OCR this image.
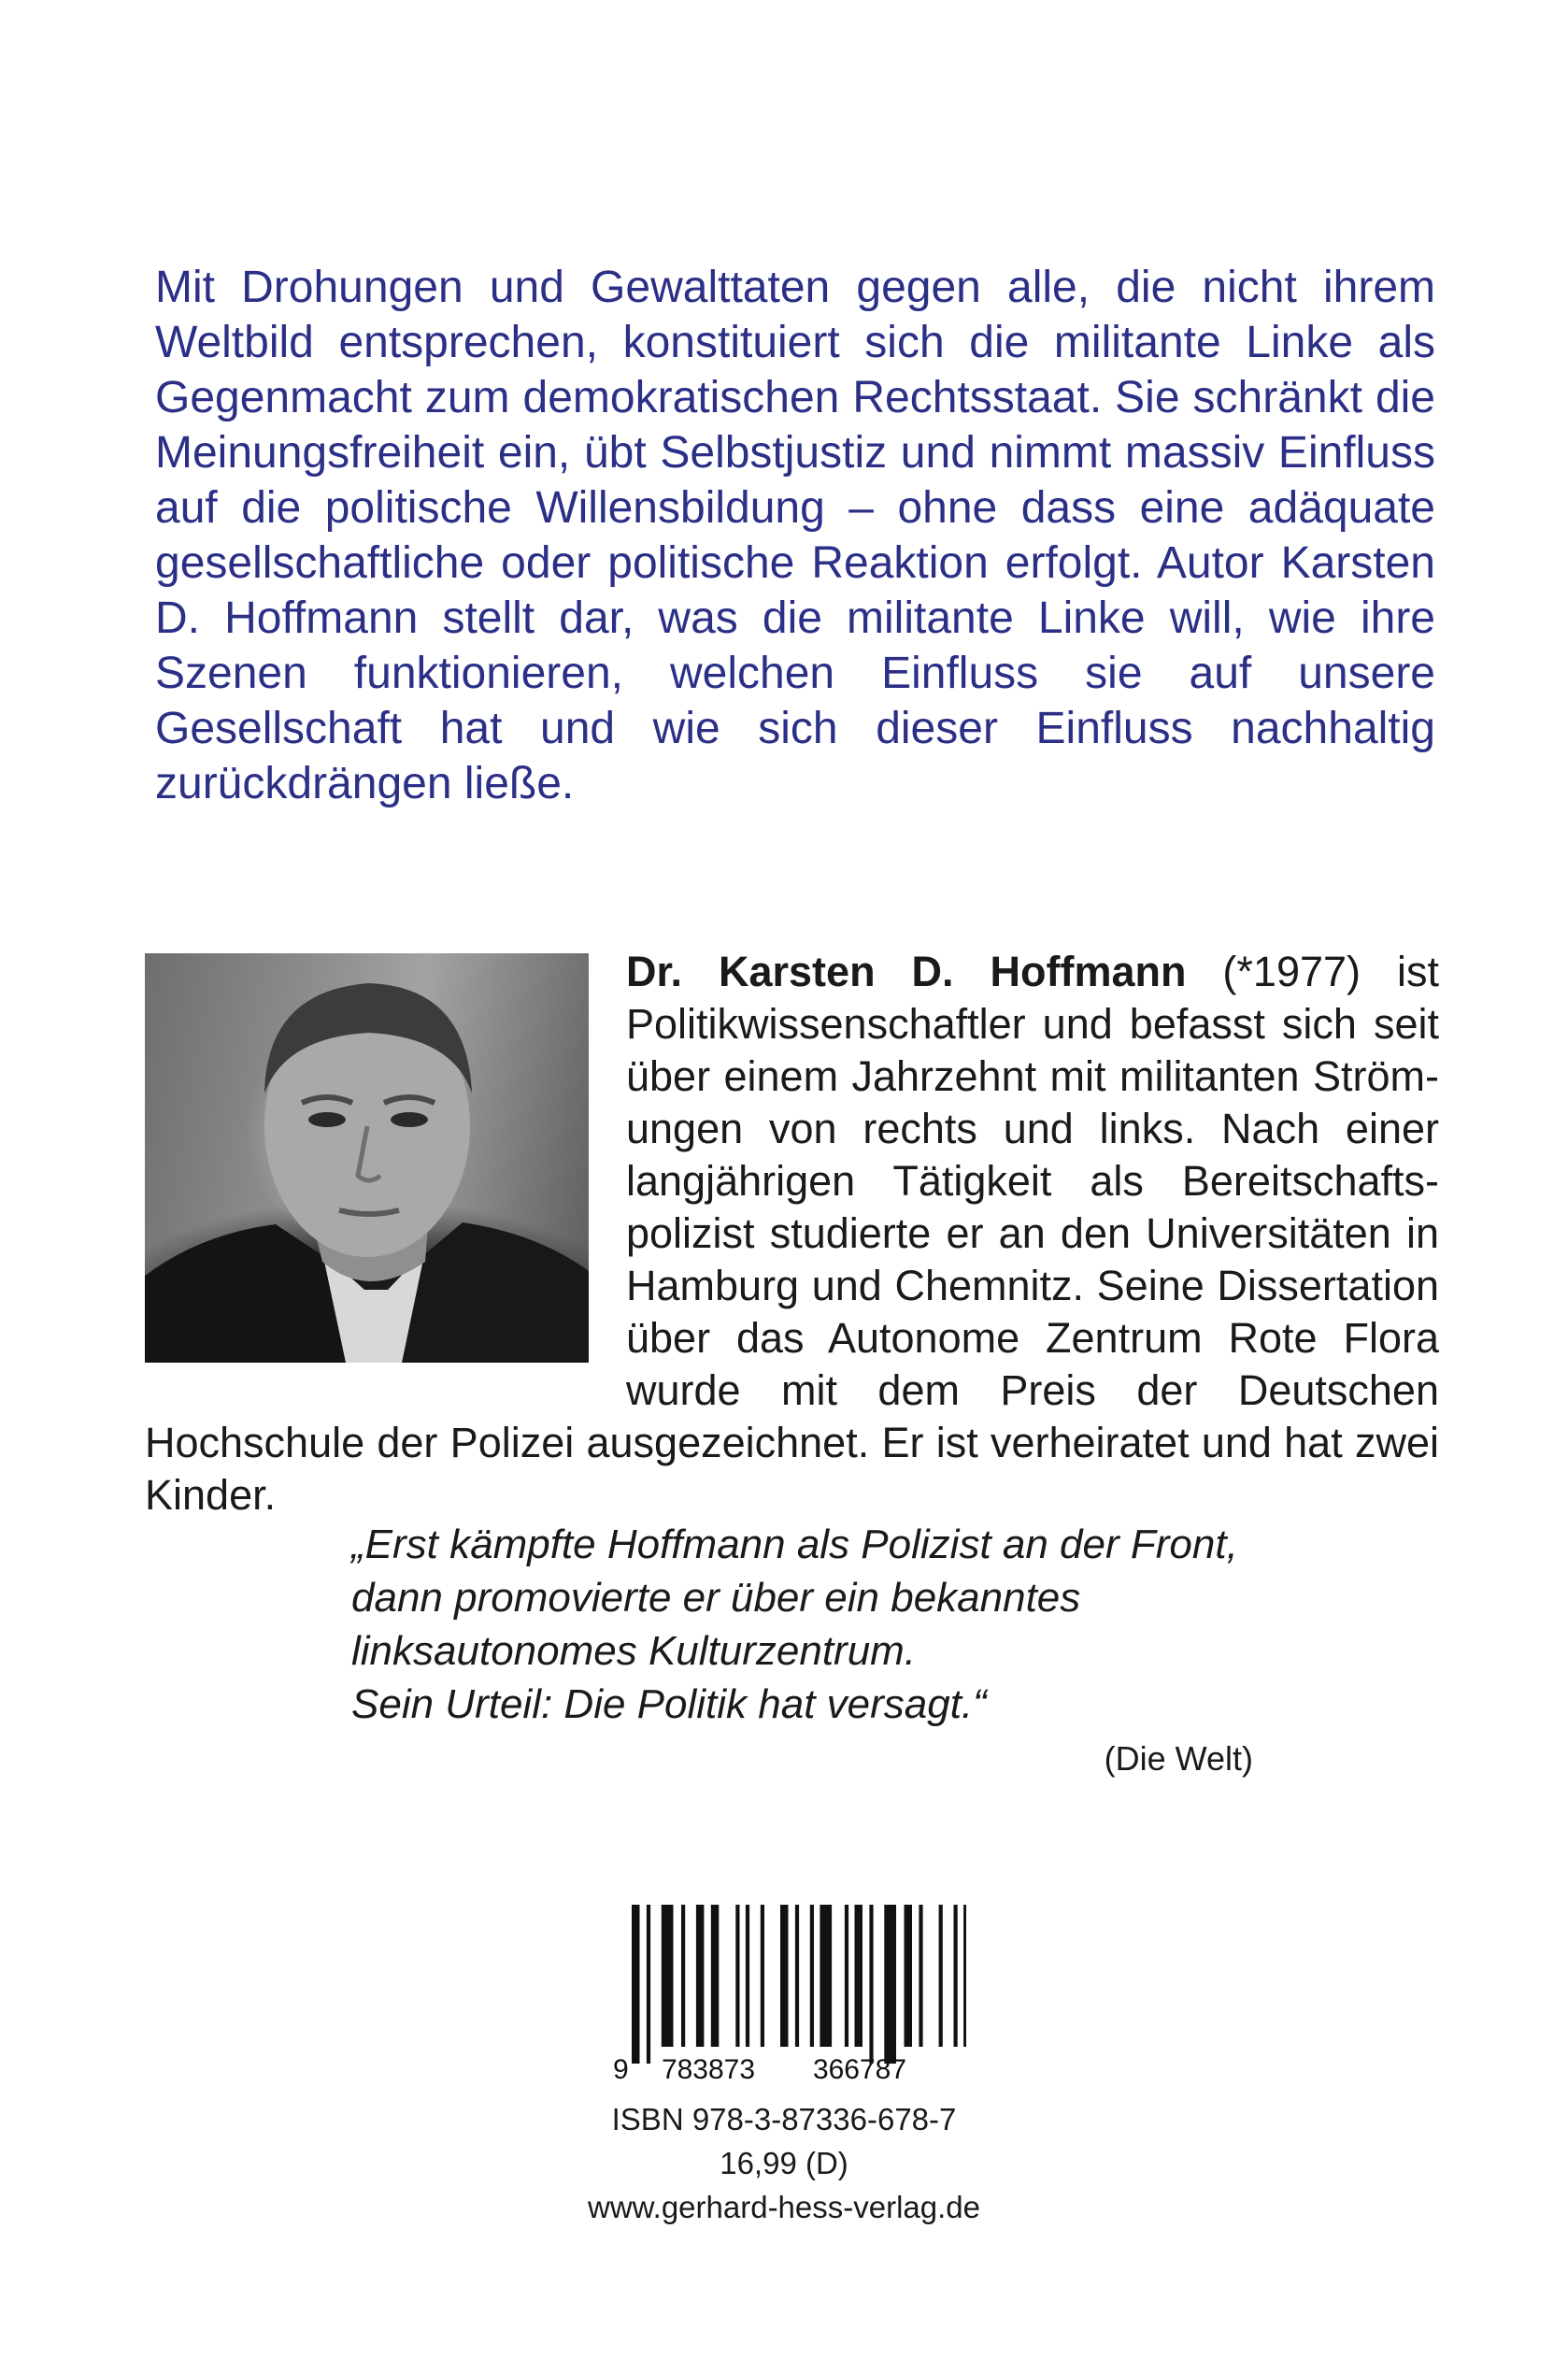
Mit Drohungen und Gewalttaten gegen alle, die nicht ihrem Weltbild entsprechen, konstituiert sich die militante Linke als Gegenmacht zum demokratischen Rechtsstaat. Sie schränkt die Meinungsfreiheit ein, übt Selbstjustiz und nimmt massiv Einfluss auf die politische Willensbildung – ohne dass eine adäquate gesellschaftliche oder politische Reaktion erfolgt. Autor Karsten D. Hoffmann stellt dar, was die militante Linke will, wie ihre Szenen funktionieren, welchen Einfluss sie auf unsere Gesellschaft hat und wie sich dieser Einfluss nachhaltig zurückdrängen ließe.

Dr. Karsten D. Hoffmann (*1977) ist Politikwissenschaftler und befasst sich seit über einem Jahrzehnt mit militanten Strömungen von rechts und links. Nach einer langjährigen Tätigkeit als Bereitschaftspolizist studierte er an den Universitäten in Hamburg und Chemnitz. Seine Dissertation über das Autonome Zentrum Rote Flora wurde mit dem Preis der Deutschen Hochschule der Polizei ausgezeichnet. Er ist verheiratet und hat zwei Kinder.

„Erst kämpfte Hoffmann als Polizist an der Front,
dann promovierte er über ein bekanntes
linksautonomes Kulturzentrum.
Sein Urteil: Die Politik hat versagt.“

(Die Welt)
9 783873 366787
ISBN 978-3-87336-678-7
16,99 (D)
www.gerhard-hess-verlag.de
